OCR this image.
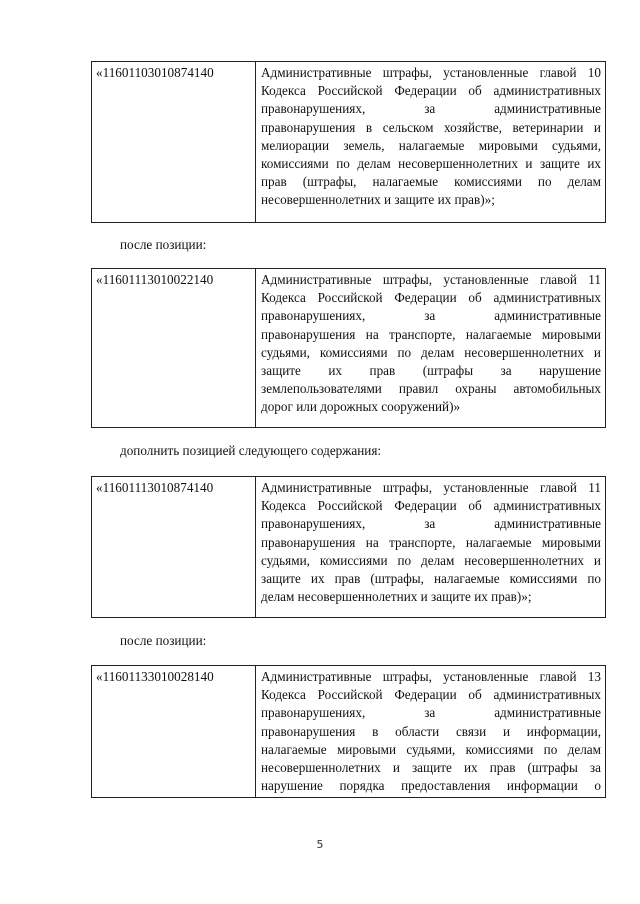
«11601103010874140	Административные штрафы, установленные главой 10
Кодекса Российской Федерации об административных
правонарушениях, за административные
правонарушения в сельском хозяйстве, ветеринарии и
мелиорации земель, налагаемые мировыми судьями,
комиссиями по делам несовершеннолетних и защите их
прав (штрафы, налагаемые комиссиями по делам
несовершеннолетних и защите их прав)»;
после позиции:
«11601113010022140	Административные штрафы, установленные главой 11
Кодекса Российской Федерации об административных
правонарушениях, за административные
правонарушения на транспорте, налагаемые мировыми
судьями, комиссиями по делам несовершеннолетних и
защите их прав (штрафы за нарушение
землепользователями правил охраны автомобильных
дорог или дорожных сооружений)»
дополнить позицией следующего содержания:
«11601113010874140	Административные штрафы, установленные главой 11
Кодекса Российской Федерации об административных
правонарушениях, за административные
правонарушения на транспорте, налагаемые мировыми
судьями, комиссиями по делам несовершеннолетних и
защите их прав (штрафы, налагаемые комиссиями по
делам несовершеннолетних и защите их прав)»;
после позиции:
«11601133010028140	Административные штрафы, установленные главой 13
Кодекса Российской Федерации об административных
правонарушениях, за административные
правонарушения в области связи и информации,
налагаемые мировыми судьями, комиссиями по делам
несовершеннолетних и защите их прав (штрафы за
нарушение порядка предоставления информации о
5
